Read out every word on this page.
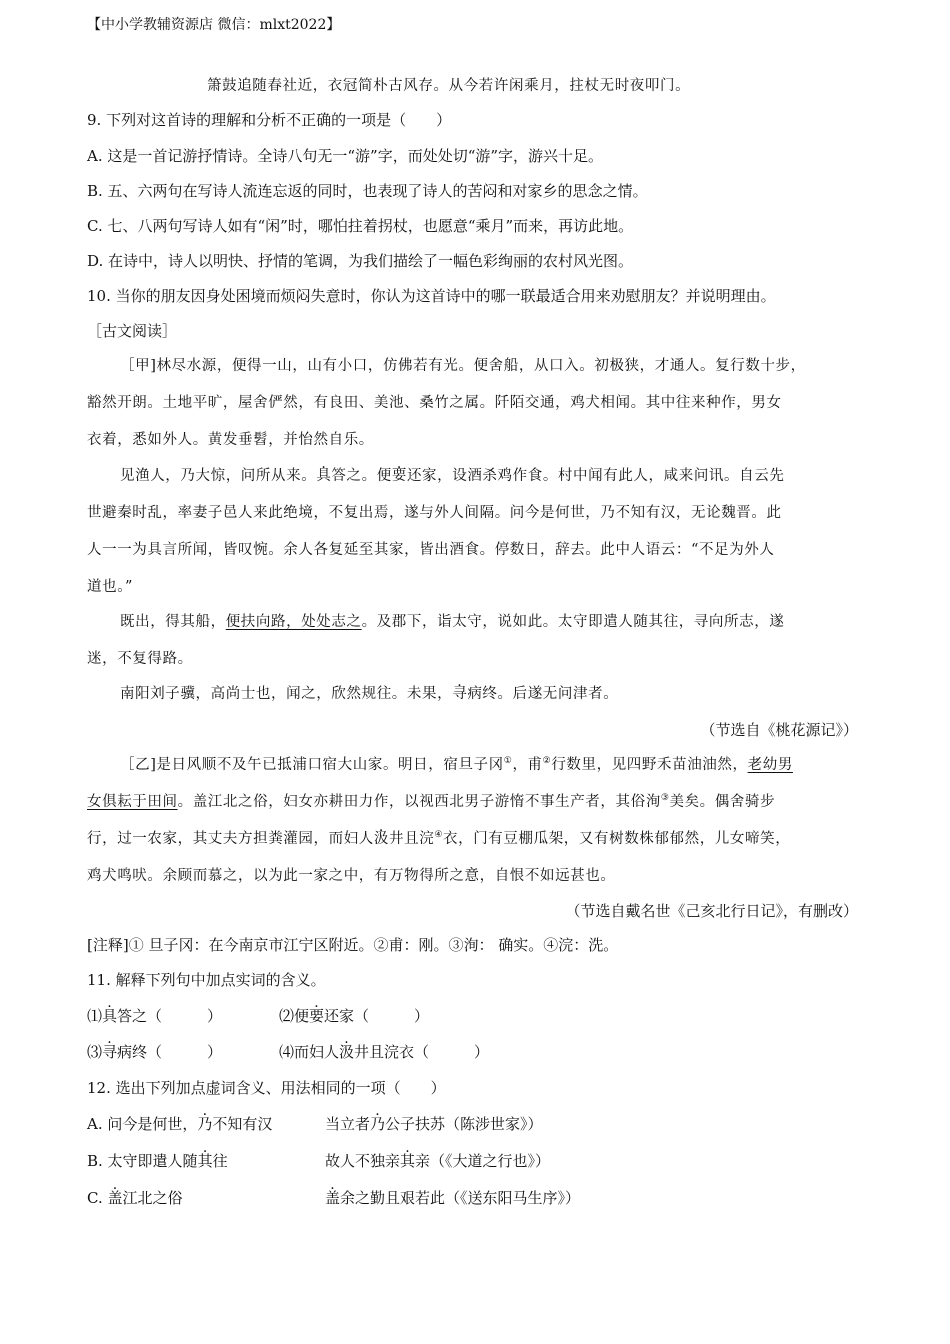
【中小学教辅资源店 微信：mlxt2022】
箫鼓追随春社近，衣冠简朴古风存。从今若许闲乘月，拄杖无时夜叩门。
9. 下列对这首诗的理解和分析不正确的一项是（　　）
A. 这是一首记游抒情诗。全诗八句无一“游”字，而处处切“游”字，游兴十足。
B. 五、六两句在写诗人流连忘返的同时，也表现了诗人的苦闷和对家乡的思念之情。
C. 七、八两句写诗人如有“闲”时，哪怕拄着拐杖，也愿意“乘月”而来，再访此地。
D. 在诗中，诗人以明快、抒情的笔调，为我们描绘了一幅色彩绚丽的农村风光图。
10. 当你的朋友因身处困境而烦闷失意时，你认为这首诗中的哪一联最适合用来劝慰朋友？并说明理由。
［古文阅读］
［甲]林尽水源，便得一山，山有小口，仿佛若有光。便舍船，从口入。初极狭，才通人。复行数十步，
豁然开朗。土地平旷，屋舍俨然，有良田、美池、桑竹之属。阡陌交通，鸡犬相闻。其中往来种作，男女
衣着，悉如外人。黄发垂髫，并怡然自乐。
见渔人，乃大惊，问所从来。具答之。便要还家，设酒杀鸡作食。村中闻有此人，咸来问讯。自云先
世避秦时乱，率妻子邑人来此绝境，不复出焉，遂与外人间隔。问今是何世，乃不知有汉，无论魏晋。此
人一一为具言所闻，皆叹惋。余人各复延至其家，皆出酒食。停数日，辞去。此中人语云：“不足为外人
道也。”
既出，得其船，便扶向路，处处志之。及郡下，诣太守，说如此。太守即遣人随其往，寻向所志，遂
迷，不复得路。
南阳刘子骥，高尚士也，闻之，欣然规往。未果，寻病终。后遂无问津者。
（节选自《桃花源记》）
［乙]是日风顺不及午已抵浦口宿大山家。明日，宿旦子冈①，甫②行数里，见四野禾苗油油然，老幼男
女俱耘于田间。盖江北之俗，妇女亦耕田力作，以视西北男子游惰不事生产者，其俗洵③美矣。偶舍骑步
行，过一农家，其丈夫方担粪灌园，而妇人汲井且浣④衣，门有豆棚瓜架，又有树数株郁郁然，儿女啼笑，
鸡犬鸣吠。余顾而慕之，以为此一家之中，有万物得所之意，自恨不如远甚也。
（节选自戴名世《己亥北行日记》，有删改）
[注释]① 旦子冈：在今南京市江宁区附近。②甫：刚。③洵： 确实。④浣：洗。
11. 解释下列句中加点实词的含义。
⑴具答之（　　　）	⑵便要还家（　　　）
⑶寻病终（　　　）	⑷而妇人汲井且浣衣（　　　）
12. 选出下列加点虚词含义、用法相同的一项（　　）
A. 问今是何世，乃不知有汉	当立者乃公子扶苏（陈涉世家》）
B. 太守即遣人随其往	故人不独亲其亲（《大道之行也》）
C. 盖江北之俗	盖余之勤且艰若此（《送东阳马生序》）
